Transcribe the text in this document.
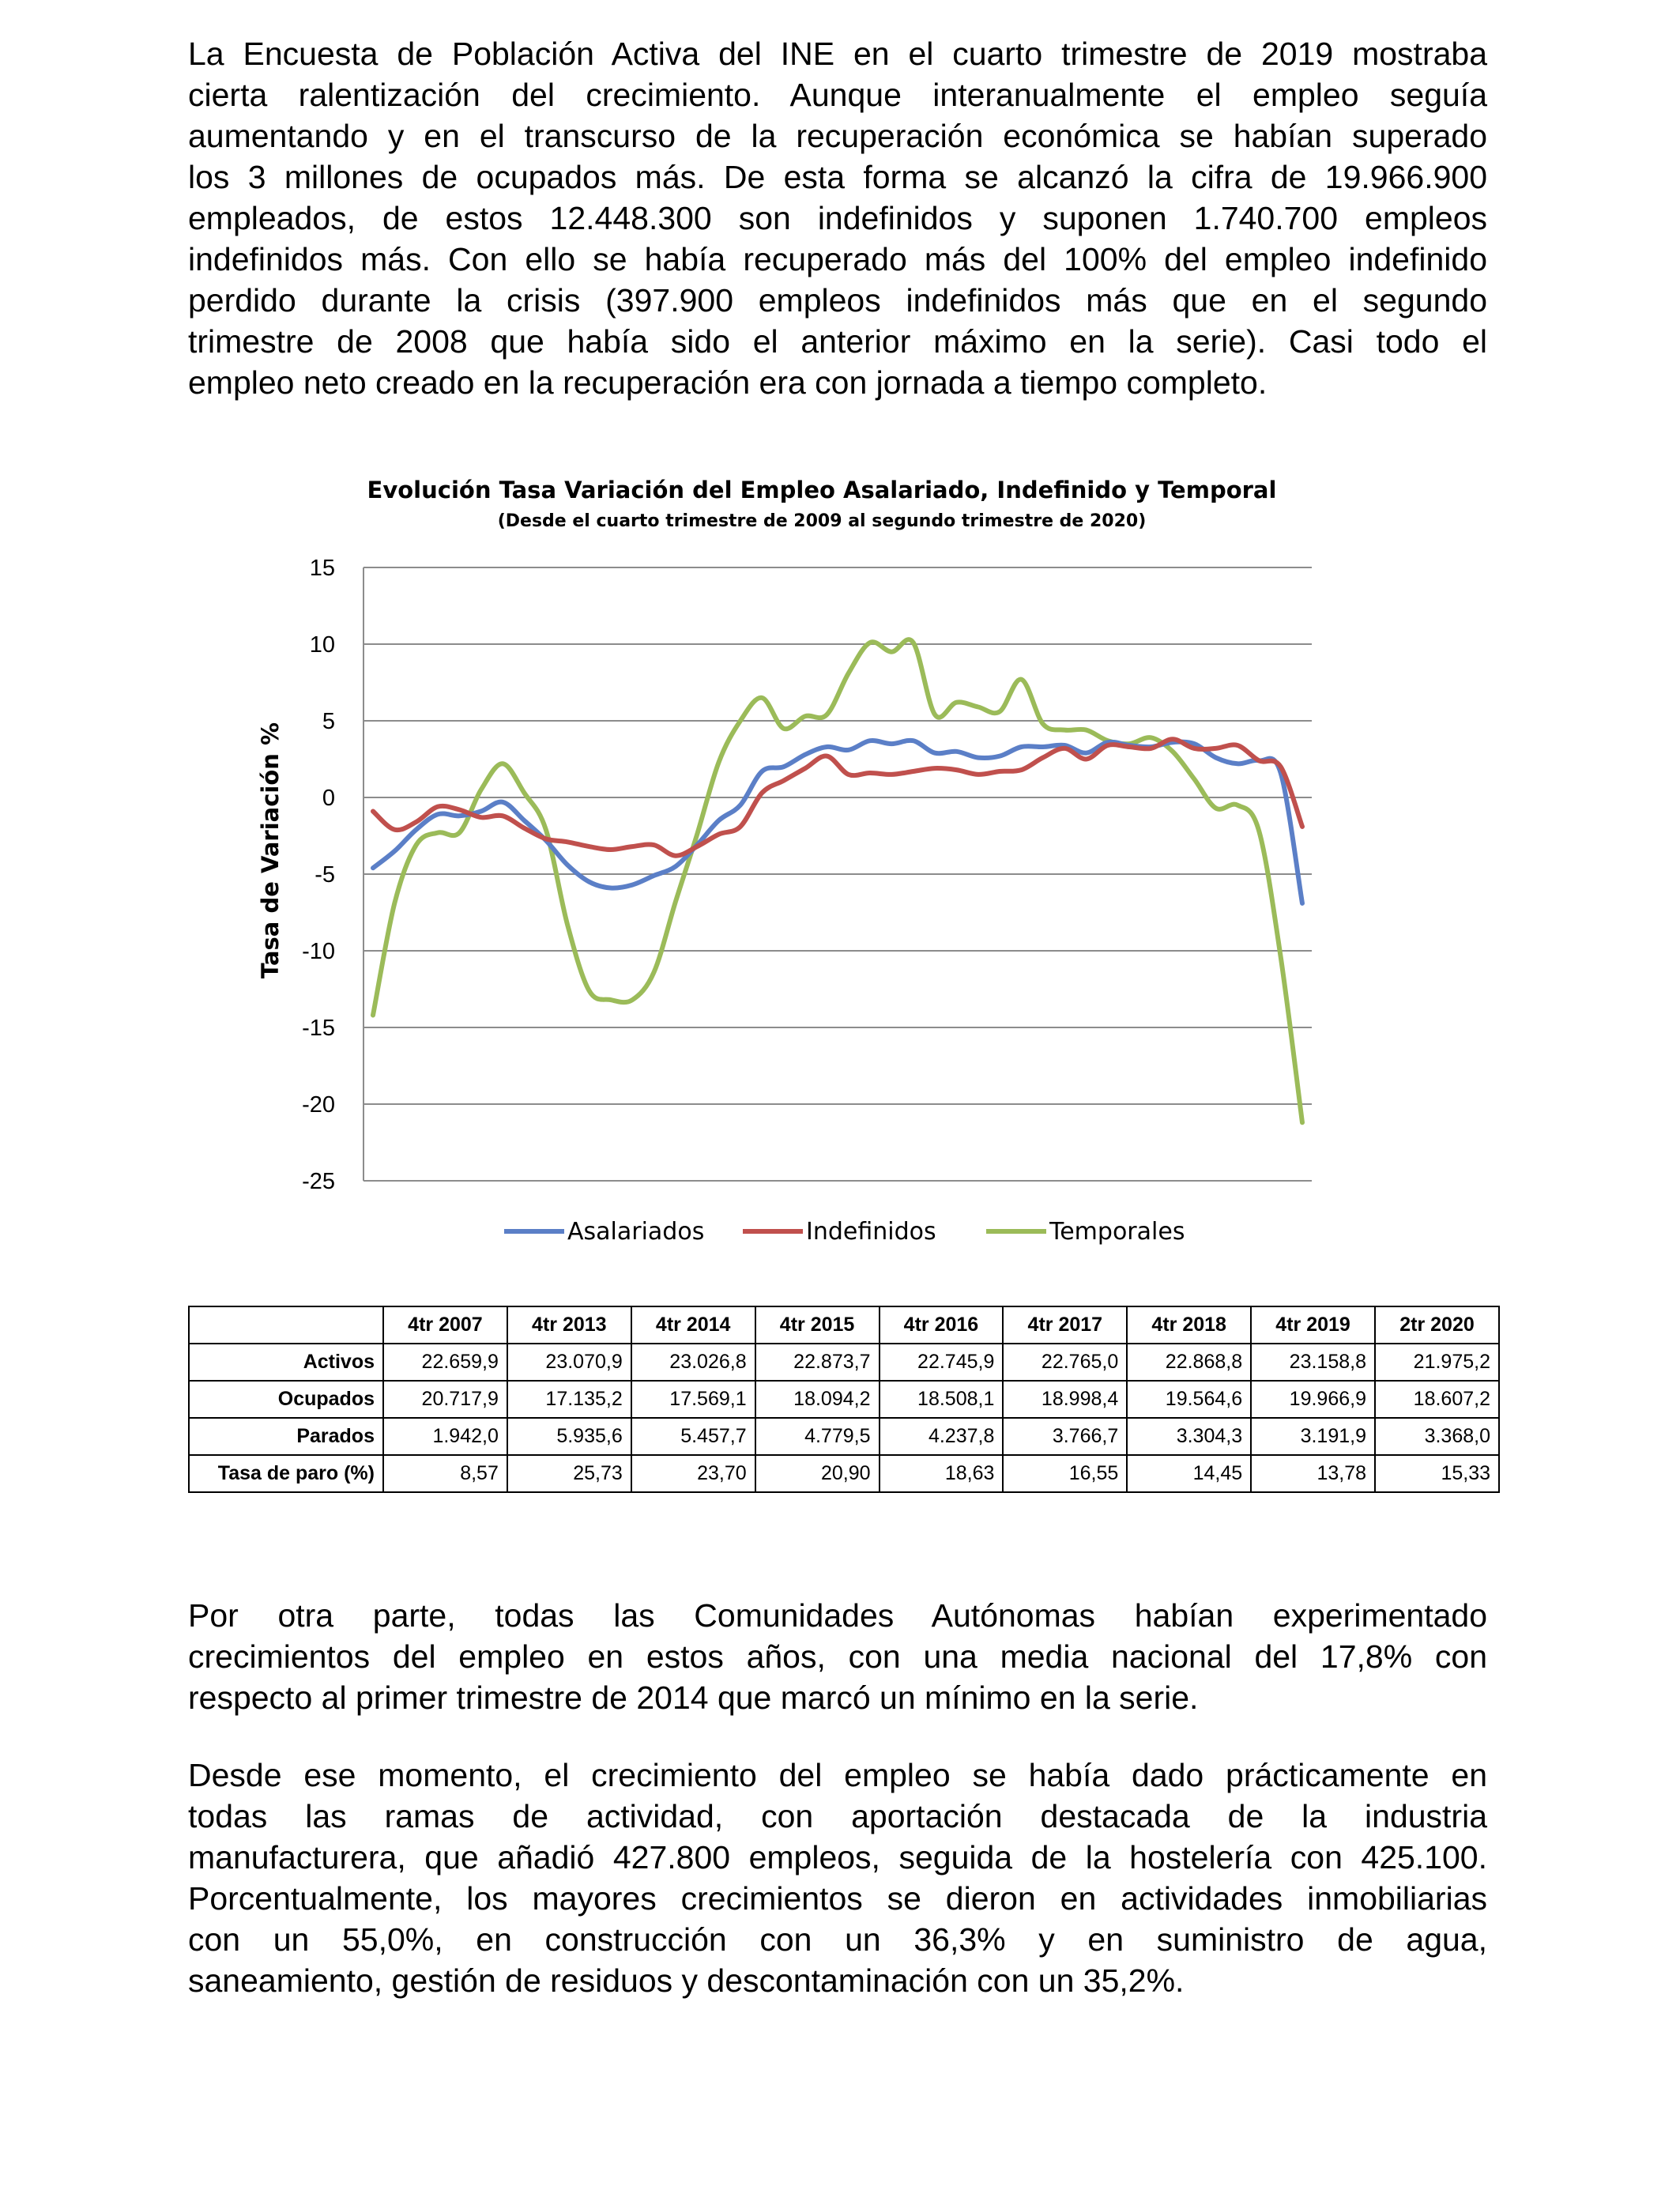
La Encuesta de Población Activa del INE en el cuarto trimestre de 2019 mostraba
cierta ralentización del crecimiento. Aunque interanualmente el empleo seguía
aumentando y en el transcurso de la recuperación económica se habían superado
los 3 millones de ocupados más. De esta forma se alcanzó la cifra de 19.966.900
empleados, de estos 12.448.300 son indefinidos y suponen 1.740.700 empleos
indefinidos más. Con ello se había recuperado más del 100% del empleo indefinido
perdido durante la crisis (397.900 empleos indefinidos más que en el segundo
trimestre de 2008 que había sido el anterior máximo en la serie). Casi todo el
empleo neto creado en la recuperación era con jornada a tiempo completo.
Evolución Tasa Variación del Empleo Asalariado, Indefinido y Temporal
(Desde el cuarto trimestre de 2009 al segundo trimestre de 2020)
15
10
5
0
-5
-10
-15
-20
-25
Tasa de Variación %
Asalariados	Indefinidos	Temporales
	4tr 2007	4tr 2013	4tr 2014	4tr 2015	4tr 2016	4tr 2017	4tr 2018	4tr 2019	2tr 2020
Activos	22.659,9	23.070,9	23.026,8	22.873,7	22.745,9	22.765,0	22.868,8	23.158,8	21.975,2
Ocupados	20.717,9	17.135,2	17.569,1	18.094,2	18.508,1	18.998,4	19.564,6	19.966,9	18.607,2
Parados	1.942,0	5.935,6	5.457,7	4.779,5	4.237,8	3.766,7	3.304,3	3.191,9	3.368,0
Tasa de paro (%)	8,57	25,73	23,70	20,90	18,63	16,55	14,45	13,78	15,33
Por otra parte, todas las Comunidades Autónomas habían experimentado
crecimientos del empleo en estos años, con una media nacional del 17,8% con
respecto al primer trimestre de 2014 que marcó un mínimo en la serie.
Desde ese momento, el crecimiento del empleo se había dado prácticamente en
todas las ramas de actividad, con aportación destacada de la industria
manufacturera, que añadió 427.800 empleos, seguida de la hostelería con 425.100.
Porcentualmente, los mayores crecimientos se dieron en actividades inmobiliarias
con un 55,0%, en construcción con un 36,3% y en suministro de agua,
saneamiento, gestión de residuos y descontaminación con un 35,2%.
